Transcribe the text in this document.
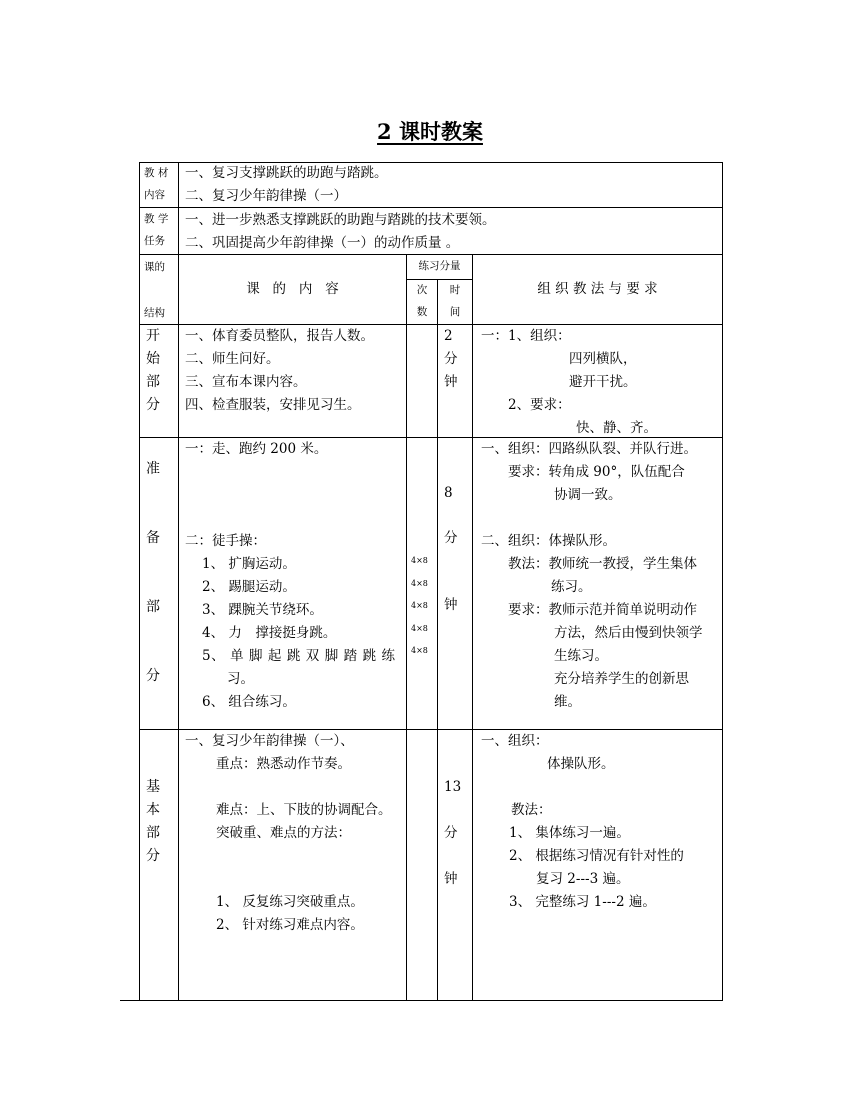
2 课时教案
教 材
内容
一、复习支撑跳跃的助跑与踏跳。
二、复习少年韵律操（一）
教 学
任务
一、进一步熟悉支撑跳跃的助跑与踏跳的技术要领。
二、巩固提高少年韵律操（一）的动作质量 。
课的
结构
课   的   内   容
练习分量
次
数
时
间
组 织 教 法 与 要 求
开
始
部
分
一、体育委员整队，报告人数。
二、师生问好。
三、宣布本课内容。
四、检查服装，安排见习生。
2
分
钟
一：1、组织：
四列横队，
避开干扰。
2、要求：
快、静、齐。
准
备
部
分
一：走、跑约 200 米。
二：徒手操：
1、 扩胸运动。
2、 踢腿运动。
3、 踝腕关节绕环。
4、 力　撑接挺身跳。
5、 单 脚 起 跳 双 脚 踏 跳 练
习。
6、 组合练习。
4×8
4×8
4×8
4×8
4×8
8
分
钟
一、组织：四路纵队裂、并队行进。
要求：转角成 90°，队伍配合
协调一致。
二、组织：体操队形。
教法：教师统一教授，学生集体
练习。
要求：教师示范并简单说明动作
方法，然后由慢到快领学
生练习。
充分培养学生的创新思
维。
基
本
部
分
一、复习少年韵律操（一）、
重点：熟悉动作节奏。
难点：上、下肢的协调配合。
突破重、难点的方法：
1、 反复练习突破重点。
2、 针对练习难点内容。
13
分
钟
一、组织：
体操队形。
教法：
1、 集体练习一遍。
2、 根据练习情况有针对性的
复习 2---3 遍。
3、 完整练习 1---2 遍。
